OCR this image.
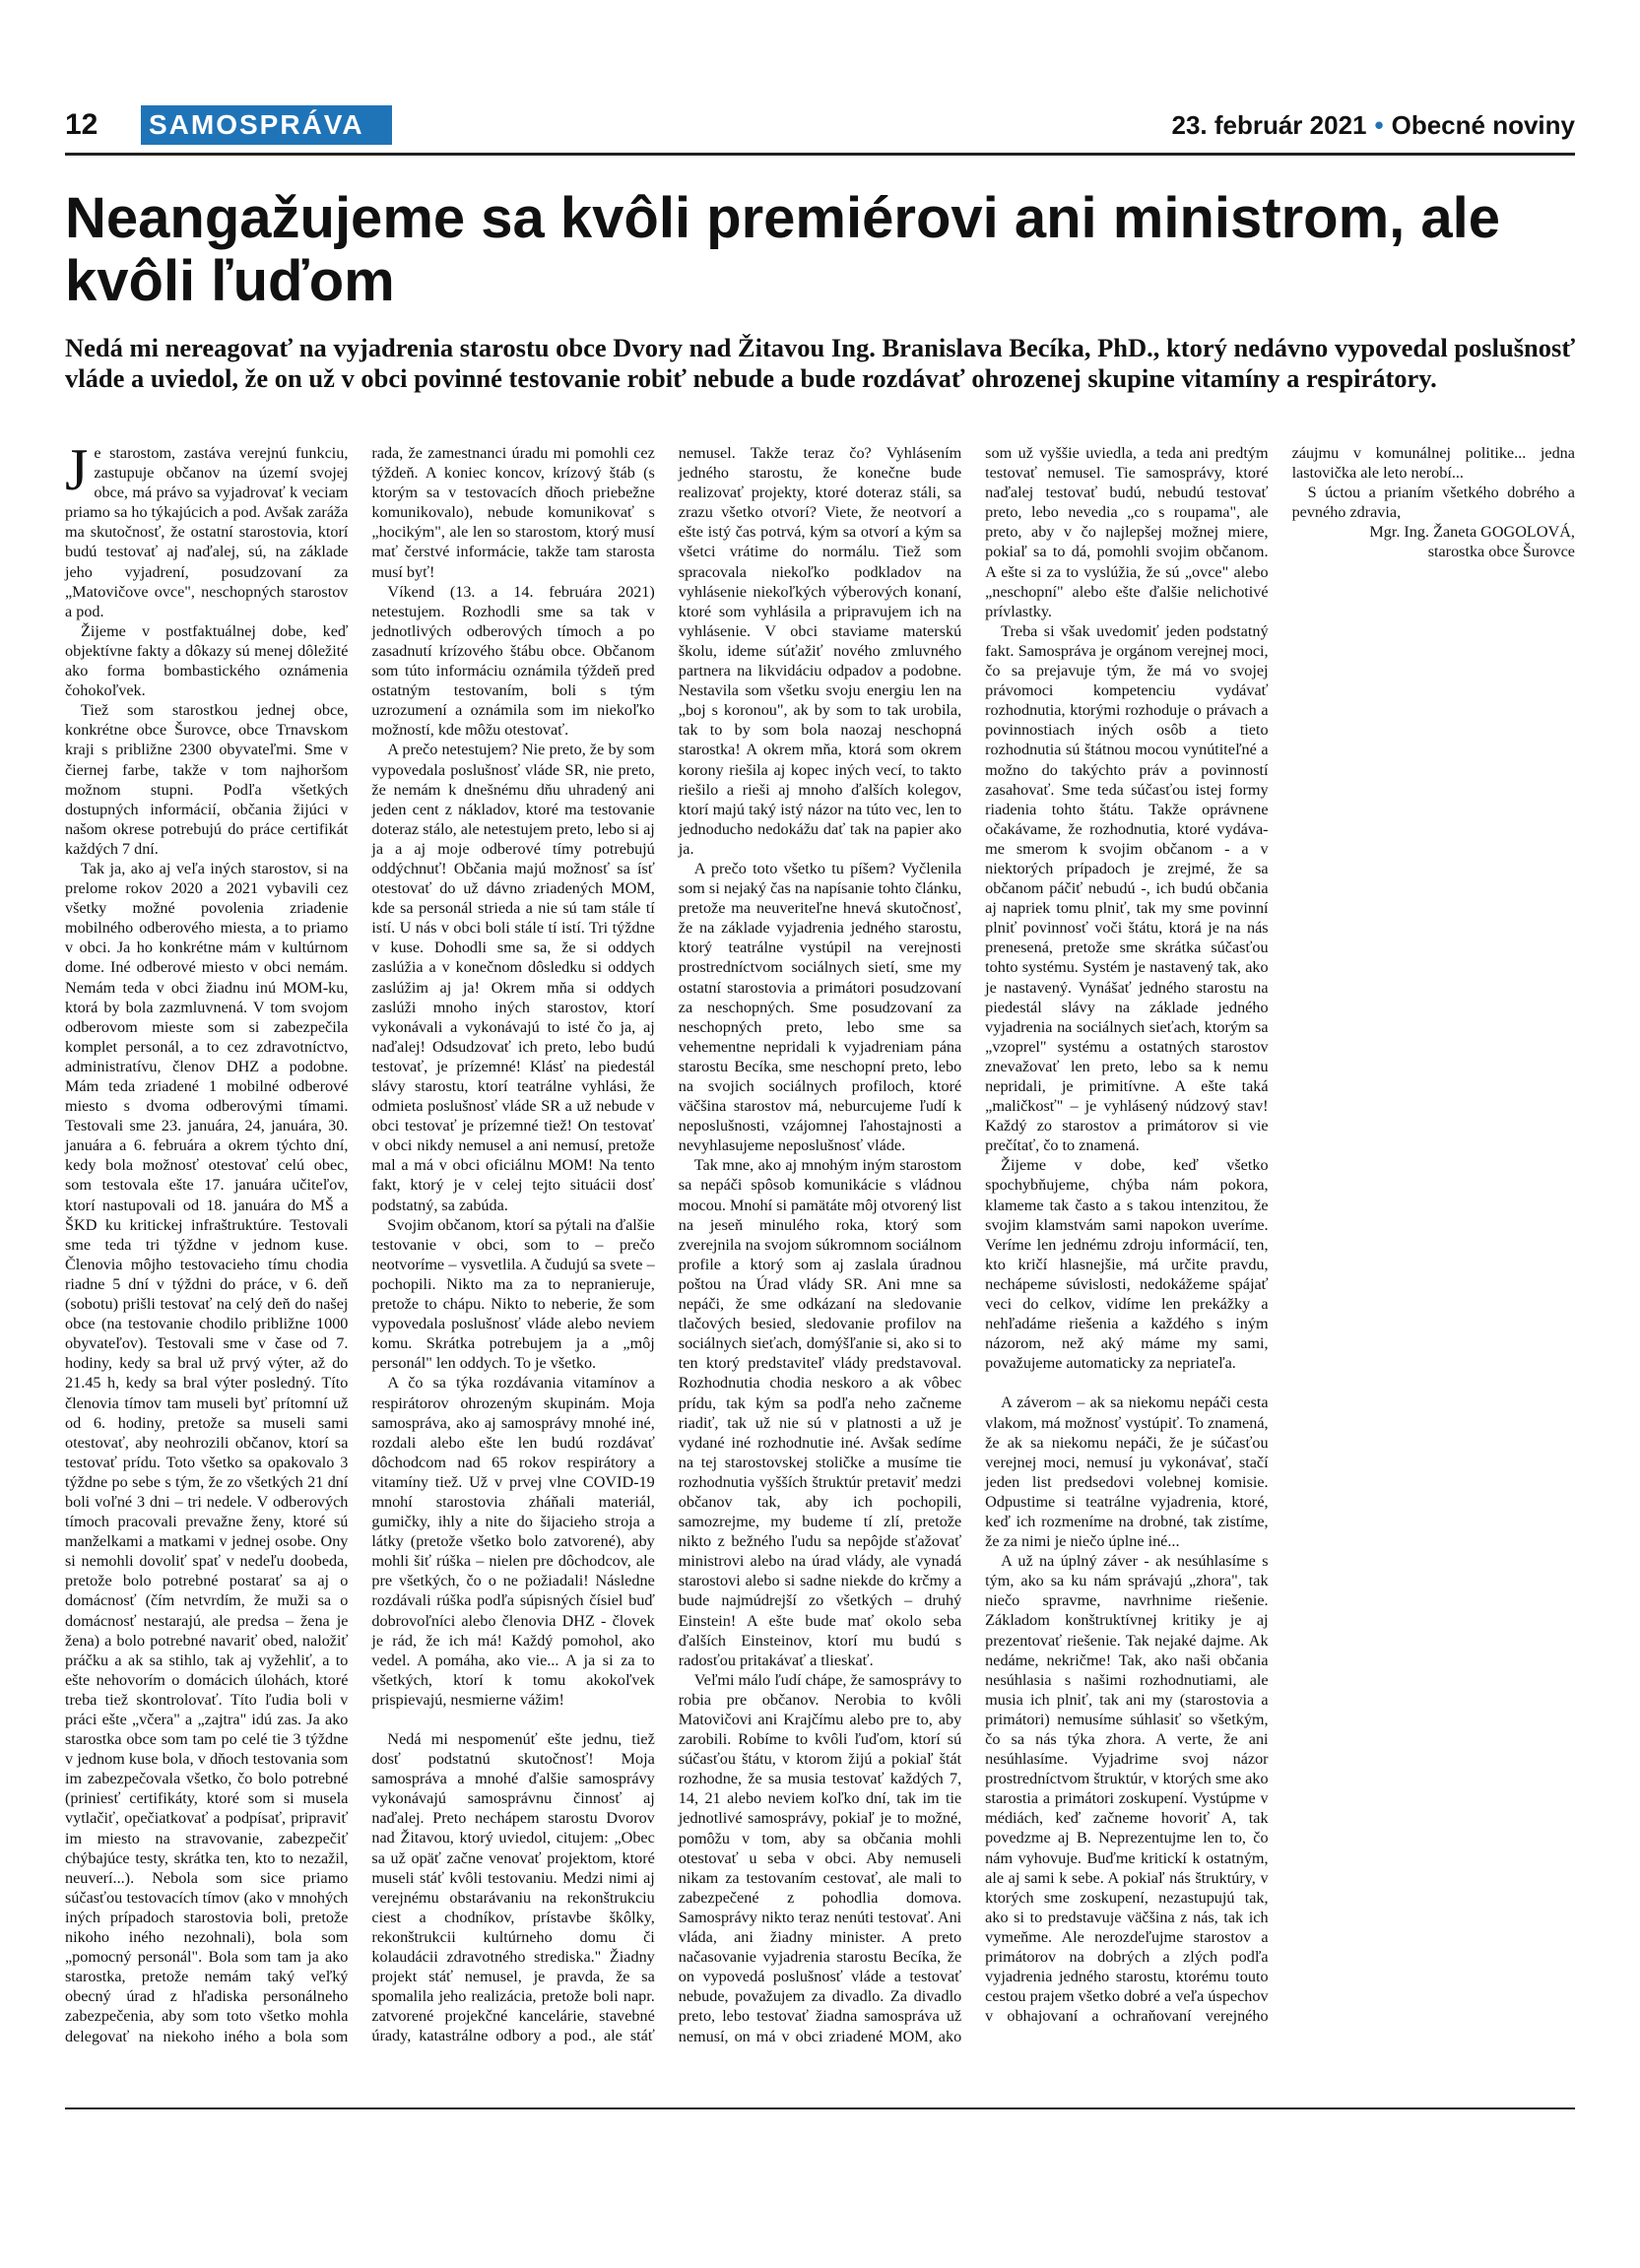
12 SAMOSPRÁVA	23. február 2021 • Obecné noviny
Neangažujeme sa kvôli premiérovi ani ministrom, ale kvôli ľuďom

Nedá mi nereagovať na vyjadrenia starostu obce Dvory nad Žitavou Ing. Branislava Becíka, PhD., ktorý nedávno vypovedal poslušnosť vláde a uviedol, že on už v obci povinné testovanie robiť nebude a bude rozdávať ohrozenej skupine vitamíny a respirátory.

Je starostom, zastáva verejnú funkciu, zastupuje občanov na území svojej obce, má právo sa vyjadrovať k veciam priamo sa ho týkajúcich a pod. Avšak zaráža ma skutočnosť, že ostatní starostovia, ktorí budú testovať aj naďalej, sú, na základe jeho vyjadrení, posudzovaní za „Matovičove ovce", neschopných starostov a pod.

Žijeme v postfaktuálnej dobe, keď objektívne fakty a dôkazy sú menej dôležité ako forma bombastického oznámenia čohokoľvek.

Tiež som starostkou jednej obce, konkrétne obce Šurovce, obce Trnavskom kraji s približne 2300 obyvateľmi. Sme v čiernej farbe, takže v tom najhoršom možnom stupni. Podľa všetkých dostupných informácií, občania žijúci v našom okrese potrebujú do práce certifikát každých 7 dní.

Tak ja, ako aj veľa iných starostov, si na prelome rokov 2020 a 2021 vybavili cez všetky možné povolenia zriadenie mobilného odberového miesta, a to priamo v obci. Ja ho konkrétne mám v kultúrnom dome. Iné odberové miesto v obci nemám. Nemám teda v obci žiadnu inú MOM-ku, ktorá by bola zazmluvnená. V tom svojom odberovom mieste som si zabezpečila komplet personál, a to cez zdravotníctvo, administratívu, členov DHZ a podobne. Mám teda zriadené 1 mobilné odberové miesto s dvoma odberovými tímami. Testovali sme 23. januára, 24, januára, 30. januára a 6. februára a okrem týchto dní, kedy bola možnosť otestovať celú obec, som testovala ešte 17. januára učiteľov, ktorí nastupovali od 18. januára do MŠ a ŠKD ku kritickej infraštruktúre. Testovali sme teda tri týždne v jednom kuse. Členovia môjho testovacieho tímu chodia riadne 5 dní v týždni do práce, v 6. deň (sobotu) prišli testovať na celý deň do našej obce (na testovanie chodilo približne 1000 obyvateľov). Testovali sme v čase od 7. hodiny, kedy sa bral už prvý výter, až do 21.45 h, kedy sa bral výter posledný. Títo členovia tímov tam museli byť prítomní už od 6. hodiny, pretože sa museli sami otestovať, aby neohrozili občanov, ktorí sa testovať prídu. Toto všetko sa opakovalo 3 týždne po sebe s tým, že zo všetkých 21 dní boli voľné 3 dni – tri nedele. V odberových tímoch pracovali prevažne ženy, ktoré sú manželkami a matkami v jednej osobe. Ony si nemohli dovoliť spať v nedeľu doobeda, pretože bolo potrebné postarať sa aj o domácnosť (čím netvrdím, že muži sa o domácnosť nestarajú, ale predsa – žena je žena) a bolo potrebné navariť obed, naložiť práčku a ak sa stihlo, tak aj vyžehliť, a to ešte nehovorím o domácich úlohách, ktoré treba tiež skontrolovať. Títo ľudia boli v práci ešte „včera" a „zajtra" idú zas. Ja ako starostka obce som tam po celé tie 3 týždne v jednom kuse bola, v dňoch testovania som im zabezpečovala všetko, čo bolo potrebné (priniesť certifikáty, ktoré som si musela vytlačiť, opečiatkovať a podpísať, pripraviť im miesto na stravovanie, zabezpečiť chýbajúce testy, skrátka ten, kto to nezažil, neuverí...). Nebola som sice priamo súčasťou testovacích tímov (ako v mnohých iných prípadoch starostovia boli, pretože nikoho iného nezohnali), bola som „pomocný personál". Bola som tam ja ako starostka, pretože nemám taký veľký obecný úrad z hľadiska personálneho zabezpečenia, aby som toto všetko mohla delegovať na niekoho iného a bola som rada, že zamestnanci úradu mi pomohli cez týždeň. A koniec koncov, krízový štáb (s ktorým sa v testovacích dňoch priebežne komunikovalo), nebude komunikovať s „hocikým", ale len so starostom, ktorý musí mať čerstvé informácie, takže tam starosta musí byť!

Víkend (13. a 14. februára 2021) netestujem. Rozhodli sme sa tak v jednotlivých odberových tímoch a po zasadnutí krízového štábu obce. Občanom som túto informáciu oznámila týždeň pred ostatným testovaním, boli s tým uzrozumení a oznámila som im niekoľko možností, kde môžu otestovať.

A prečo netestujem? Nie preto, že by som vypovedala poslušnosť vláde SR, nie preto, že nemám k dnešnému dňu uhradený ani jeden cent z nákladov, ktoré ma testovanie doteraz stálo, ale netestujem preto, lebo si aj ja a aj moje odberové tímy potrebujú oddýchnuť! Občania majú možnosť sa ísť otestovať do už dávno zriadených MOM, kde sa personál strieda a nie sú tam stále tí istí. U nás v obci boli stále tí istí. Tri týždne v kuse. Dohodli sme sa, že si oddych zaslúžia a v konečnom dôsledku si oddych zaslúžim aj ja! Okrem mňa si oddych zaslúži mnoho iných starostov, ktorí vykonávali a vykonávajú to isté čo ja, aj naďalej! Odsudzovať ich preto, lebo budú testovať, je prízemné! Klásť na piedestál slávy starostu, ktorí teatrálne vyhlási, že odmieta poslušnosť vláde SR a už nebude v obci testovať je prízemné tiež! On testovať v obci nikdy nemusel a ani nemusí, pretože mal a má v obci oficiálnu MOM! Na tento fakt, ktorý je v celej tejto situácii dosť podstatný, sa zabúda.

Svojim občanom, ktorí sa pýtali na ďalšie testovanie v obci, som to – prečo neotvoríme – vysvetlila. A čudujú sa svete – pochopili. Nikto ma za to nepranieruje, pretože to chápu. Nikto to neberie, že som vypovedala poslušnosť vláde alebo neviem komu. Skrátka potrebujem ja a „môj personál" len oddych. To je všetko.

A čo sa týka rozdávania vitamínov a respirátorov ohrozeným skupinám. Moja samospráva, ako aj samosprávy mnohé iné, rozdali alebo ešte len budú rozdávať dôchodcom nad 65 rokov respirátory a vitamíny tiež. Už v prvej vlne COVID-19 mnohí starostovia zháňali materiál, gumičky, ihly a nite do šijacieho stroja a látky (pretože všetko bolo zatvorené), aby mohli šiť rúška – nielen pre dôchodcov, ale pre všetkých, čo o ne požiadali! Následne rozdávali rúška podľa súpisných čísiel buď dobrovoľníci alebo členovia DHZ - človek je rád, že ich má! Každý pomohol, ako vedel. A pomáha, ako vie... A ja si za to všetkých, ktorí k tomu akokoľvek prispievajú, nesmierne vážim!

Nedá mi nespomenúť ešte jednu, tiež dosť podstatnú skutočnosť! Moja samospráva a mnohé ďalšie samosprávy vykonávajú samosprávnu činnosť aj naďalej. Preto nechápem starostu Dvorov nad Žitavou, ktorý uviedol, citujem: „Obec sa už opäť začne venovať projektom, ktoré museli stáť kvôli testovaniu. Medzi nimi aj verejnému obstarávaniu na rekonštrukciu ciest a chodníkov, prístavbe škôlky, rekonštrukcii kultúrneho domu či kolaudácii zdravotného strediska." Žiadny projekt stáť nemusel, je pravda, že sa spomalila jeho realizácia, pretože boli napr. zatvorené projekčné kancelárie, stavebné úrady, katastrálne odbory a pod., ale stáť nemusel. Takže teraz čo? Vyhlásením jedného starostu, že konečne bude realizovať projekty, ktoré doteraz stáli, sa zrazu všetko otvorí? Viete, že neotvorí a ešte istý čas potrvá, kým sa otvorí a kým sa všetci vrátime do normálu. Tiež som spracovala niekoľko podkladov na vyhlásenie niekoľkých výberových konaní, ktoré som vyhlásila a pripravujem ich na vyhlásenie. V obci staviame materskú školu, ideme súťažiť nového zmluvného partnera na likvidáciu odpadov a podobne. Nestavila som všetku svoju energiu len na „boj s koronou", ak by som to tak urobila, tak to by som bola naozaj neschopná starostka! A okrem mňa, ktorá som okrem korony riešila aj kopec iných vecí, to takto riešilo a rieši aj mnoho ďalších kolegov, ktorí majú taký istý názor na túto vec, len to jednoducho nedokážu dať tak na papier ako ja.

A prečo toto všetko tu píšem? Vyčlenila som si nejaký čas na napísanie tohto článku, pretože ma neuveriteľne hnevá skutočnosť, že na základe vyjadrenia jedného starostu, ktorý teatrálne vystúpil na verejnosti prostredníctvom sociálnych sietí, sme my ostatní starostovia a primátori posudzovaní za neschopných. Sme posudzovaní za neschopných preto, lebo sme sa vehementne nepridali k vyjadreniam pána starostu Becíka, sme neschopní preto, lebo na svojich sociálnych profiloch, ktoré väčšina starostov má, neburcujeme ľudí k neposlušnosti, vzájomnej ľahostajnosti a nevyhlasujeme neposlušnosť vláde.

Tak mne, ako aj mnohým iným starostom sa nepáči spôsob komunikácie s vládnou mocou. Mnohí si pamätáte môj otvorený list na jeseň minulého roka, ktorý som zverejnila na svojom súkromnom sociálnom profile a ktorý som aj zaslala úradnou poštou na Úrad vlády SR. Ani mne sa nepáči, že sme odkázaní na sledovanie tlačových besied, sledovanie profilov na sociálnych sieťach, domýšľanie si, ako si to ten ktorý predstaviteľ vlády predstavoval. Rozhodnutia chodia neskoro a ak vôbec prídu, tak kým sa podľa neho začneme riadiť, tak už nie sú v platnosti a už je vydané iné rozhodnutie iné. Avšak sedíme na tej starostovskej stoličke a musíme tie rozhodnutia vyšších štruktúr pretaviť medzi občanov tak, aby ich pochopili, samozrejme, my budeme tí zlí, pretože nikto z bežného ľudu sa nepôjde sťažovať ministrovi alebo na úrad vlády, ale vynadá starostovi alebo si sadne niekde do krčmy a bude najmúdrejší zo všetkých – druhý Einstein! A ešte bude mať okolo seba ďalších Einsteinov, ktorí mu budú s radosťou pritakávať a tlieskať.

Veľmi málo ľudí chápe, že samosprávy to robia pre občanov. Nerobia to kvôli Matovičovi ani Krajčímu alebo pre to, aby zarobili. Robíme to kvôli ľuďom, ktorí sú súčasťou štátu, v ktorom žijú a pokiaľ štát rozhodne, že sa musia testovať každých 7, 14, 21 alebo neviem koľko dní, tak im tie jednotlivé samosprávy, pokiaľ je to možné, pomôžu v tom, aby sa občania mohli otestovať u seba v obci. Aby nemuseli nikam za testovaním cestovať, ale mali to zabezpečené z pohodlia domova. Samosprávy nikto teraz nenúti testovať. Ani vláda, ani žiadny minister. A preto načasovanie vyjadrenia starostu Becíka, že on vypovedá poslušnosť vláde a testovať nebude, považujem za divadlo. Za divadlo preto, lebo testovať žiadna samospráva už nemusí, on má v obci zriadené MOM, ako som už vyššie uviedla, a teda ani predtým testovať nemusel. Tie samosprávy, ktoré naďalej testovať budú, nebudú testovať preto, lebo nevedia „co s roupama", ale preto, aby v čo najlepšej možnej miere, pokiaľ sa to dá, pomohli svojim občanom. A ešte si za to vyslúžia, že sú „ovce" alebo „neschopní" alebo ešte ďalšie nelichotivé prívlastky.

Treba si však uvedomiť jeden podstatný fakt. Samospráva je orgánom verejnej moci, čo sa prejavuje tým, že má vo svojej právomoci kompetenciu vydávať rozhodnutia, ktorými rozhoduje o právach a povinnostiach iných osôb a tieto rozhodnutia sú štátnou mocou vynútiteľné a možno do takýchto práv a povinností zasahovať. Sme teda súčasťou istej formy riadenia tohto štátu. Takže oprávnene očakávame, že rozhodnutia, ktoré vydáva-me smerom k svojim občanom - a v niektorých prípadoch je zrejmé, že sa občanom páčiť nebudú -, ich budú občania aj napriek tomu plniť, tak my sme povinní plniť povinnosť voči štátu, ktorá je na nás prenesená, pretože sme skrátka súčasťou tohto systému. Systém je nastavený tak, ako je nastavený. Vynášať jedného starostu na piedestál slávy na základe jedného vyjadrenia na sociálnych sieťach, ktorým sa „vzoprel" systému a ostatných starostov znevažovať len preto, lebo sa k nemu nepridali, je primitívne. A ešte taká „maličkosť" – je vyhlásený núdzový stav! Každý zo starostov a primátorov si vie prečítať, čo to znamená.

Žijeme v dobe, keď všetko spochybňujeme, chýba nám pokora, klameme tak často a s takou intenzitou, že svojim klamstvám sami napokon uveríme. Veríme len jednému zdroju informácií, ten, kto kričí hlasnejšie, má určite pravdu, nechápeme súvislosti, nedokážeme spájať veci do celkov, vidíme len prekážky a nehľadáme riešenia a každého s iným názorom, než aký máme my sami, považujeme automaticky za nepriateľa.

A záverom – ak sa niekomu nepáči cesta vlakom, má možnosť vystúpiť. To znamená, že ak sa niekomu nepáči, že je súčasťou verejnej moci, nemusí ju vykonávať, stačí jeden list predsedovi volebnej komisie. Odpustime si teatrálne vyjadrenia, ktoré, keď ich rozmeníme na drobné, tak zistíme, že za nimi je niečo úplne iné...

A už na úplný záver - ak nesúhlasíme s tým, ako sa ku nám správajú „zhora", tak niečo spravme, navrhnime riešenie. Základom konštruktívnej kritiky je aj prezentovať riešenie. Tak nejaké dajme. Ak nedáme, nekričme! Tak, ako naši občania nesúhlasia s našimi rozhodnutiami, ale musia ich plniť, tak ani my (starostovia a primátori) nemusíme súhlasiť so všetkým, čo sa nás týka zhora. A verte, že ani nesúhlasíme. Vyjadrime svoj názor prostredníctvom štruktúr, v ktorých sme ako starostia a primátori zoskupení. Vystúpme v médiách, keď začneme hovoriť A, tak povedzme aj B. Neprezentujme len to, čo nám vyhovuje. Buďme kritickí k ostatným, ale aj sami k sebe. A pokiaľ nás štruktúry, v ktorých sme zoskupení, nezastupujú tak, ako si to predstavuje väčšina z nás, tak ich vymeňme. Ale nerozdeľujme starostov a primátorov na dobrých a zlých podľa vyjadrenia jedného starostu, ktorému touto cestou prajem všetko dobré a veľa úspechov v obhajovaní a ochraňovaní verejného záujmu v komunálnej politike... jedna lastovička ale leto nerobí...

S úctou a prianím všetkého dobrého a pevného zdravia,

Mgr. Ing. Žaneta GOGOLOVÁ,

starostka obce Šurovce
